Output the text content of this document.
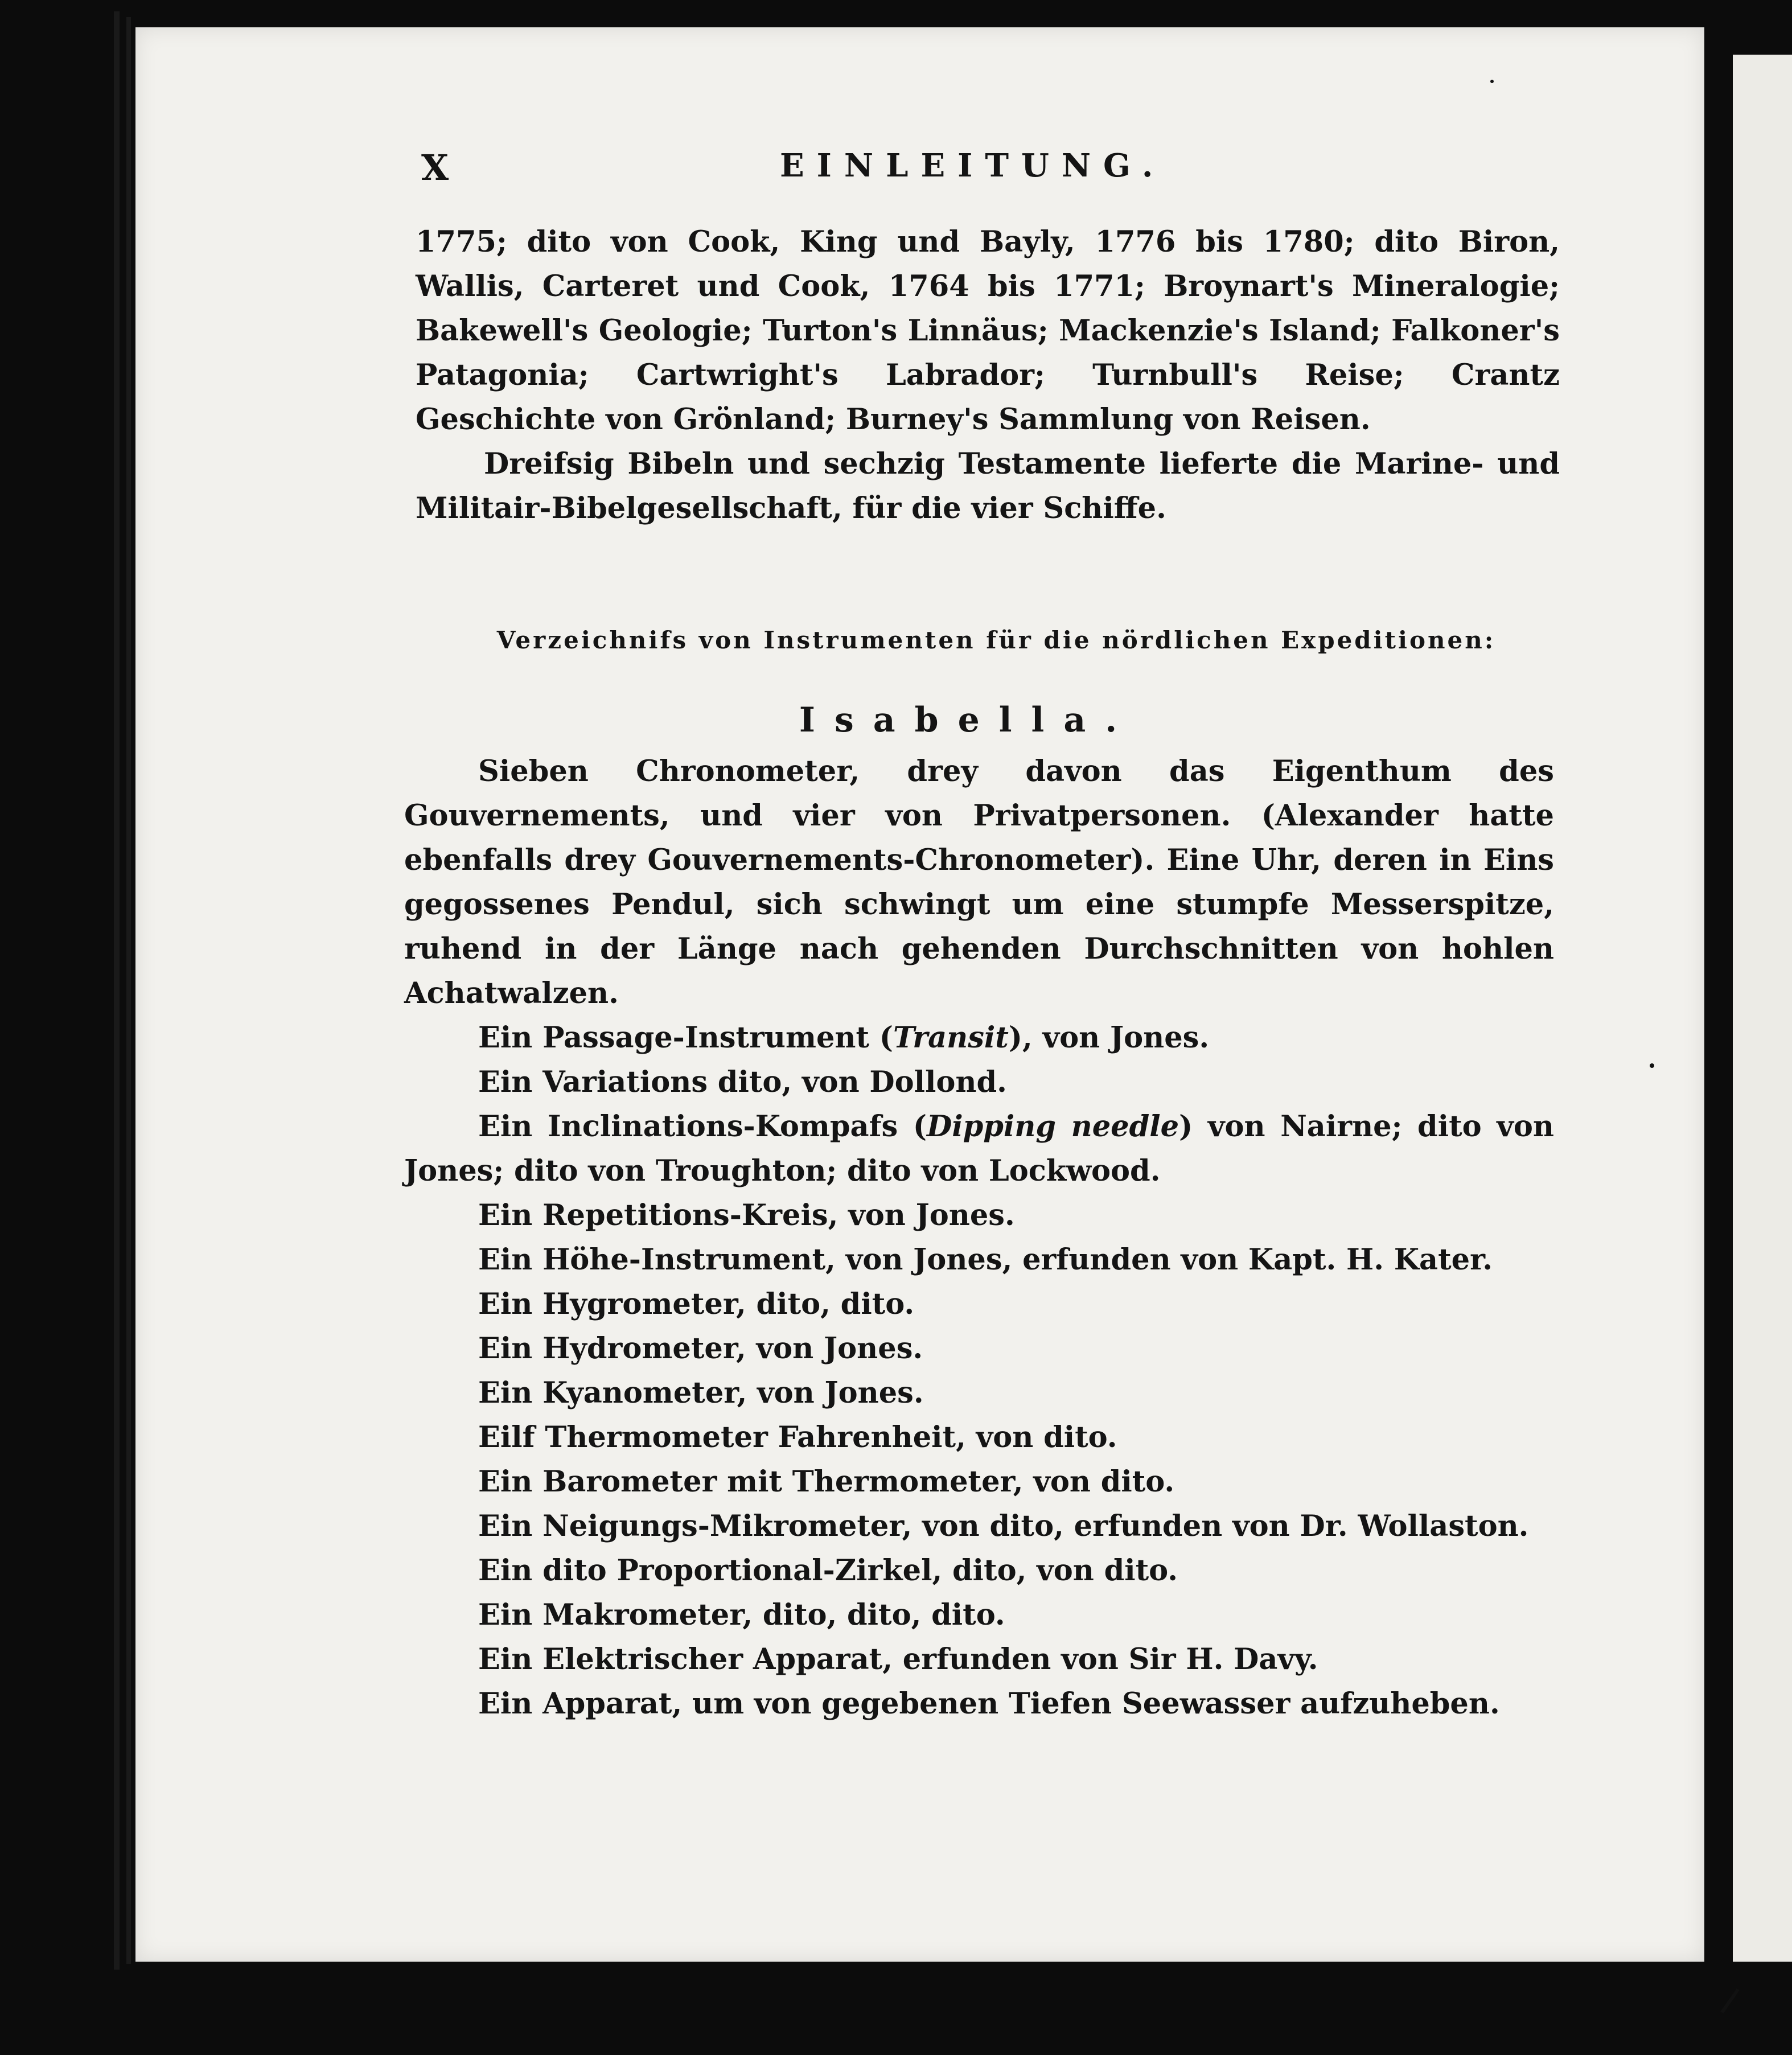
X	EINLEITUNG.

1775; dito von Cook, King und Bayly, 1776 bis 1780; dito Biron, Wallis, Carteret und Cook, 1764 bis 1771; Broynart's Mineralogie; Bakewell's Geologie; Turton's Linnäus; Mackenzie's Island; Falkoner's Patagonia; Cartwright's Labrador; Turnbull's Reise; Crantz Geschichte von Grönland; Burney's Sammlung von Reisen.

Dreifsig Bibeln und sechzig Testamente lieferte die Marine- und Militair-Bibelgesellschaft, für die vier Schiffe.

Verzeichnifs von Instrumenten für die nördlichen Expeditionen:
Isabella.

Sieben Chronometer, drey davon das Eigenthum des Gouvernements, und vier von Privatpersonen. (Alexander hatte ebenfalls drey Gouvernements-Chronometer). Eine Uhr, deren in Eins gegossenes Pendul, sich schwingt um eine stumpfe Messerspitze, ruhend in der Länge nach gehenden Durchschnitten von hohlen Achatwalzen.

Ein Passage-Instrument (Transit), von Jones.

Ein Variations dito, von Dollond.

Ein Inclinations-Kompafs (Dipping needle) von Nairne; dito von Jones; dito von Troughton; dito von Lockwood.

Ein Repetitions-Kreis, von Jones.

Ein Höhe-Instrument, von Jones, erfunden von Kapt. H. Kater.

Ein Hygrometer, dito, dito.

Ein Hydrometer, von Jones.

Ein Kyanometer, von Jones.

Eilf Thermometer Fahrenheit, von dito.

Ein Barometer mit Thermometer, von dito.

Ein Neigungs-Mikrometer, von dito, erfunden von Dr. Wollaston.

Ein dito Proportional-Zirkel, dito, von dito.

Ein Makrometer, dito, dito, dito.

Ein Elektrischer Apparat, erfunden von Sir H. Davy.

Ein Apparat, um von gegebenen Tiefen Seewasser aufzuheben.
